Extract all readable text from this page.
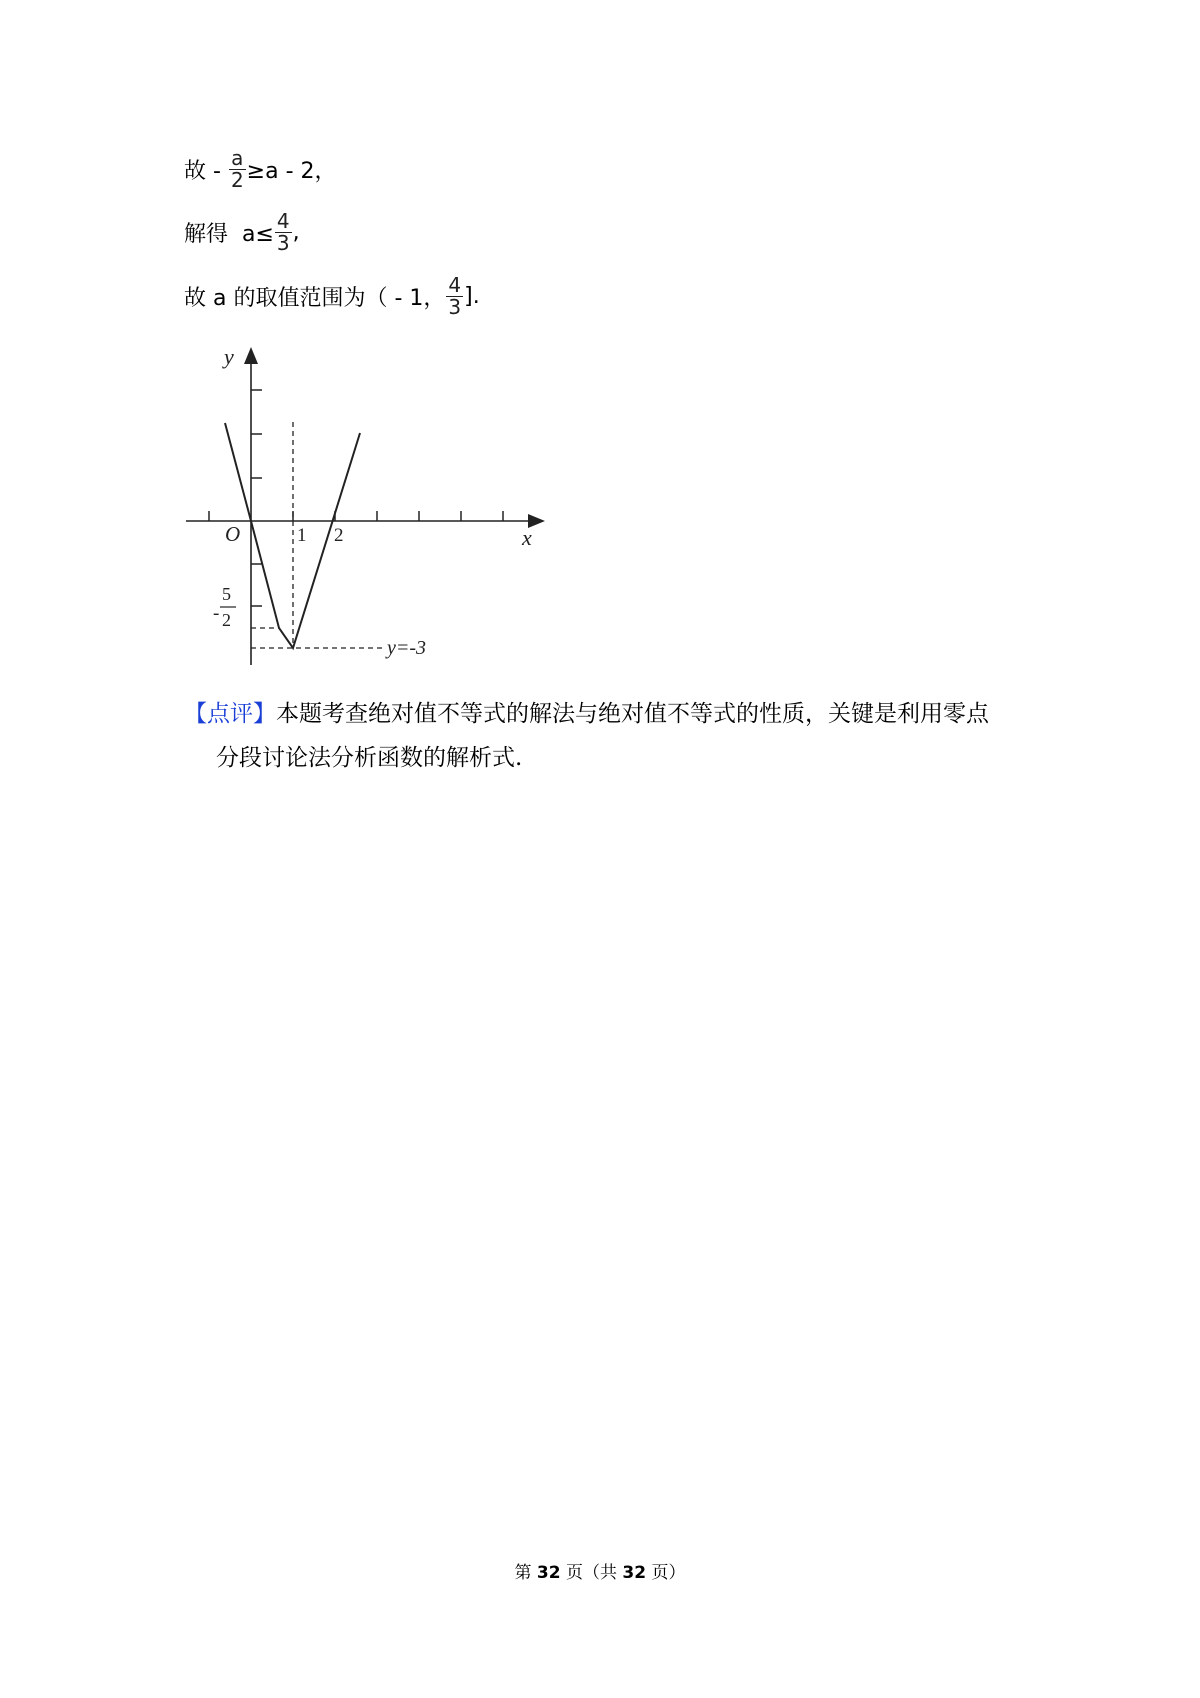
故 - $\frac{a}{2} \ge a - 2$，
解得  $a\le \frac{4}{3}$ ,
故 a 的取值范围为（ - 1， $\frac{4}{3}$ ].
y
x
O	1 2
-
5
2
y=-3
【点评】本题考查绝对值不等式的解法与绝对值不等式的性质，关键是利用零点
分段讨论法分析函数的解析式.
第 32 页（共 32 页）
